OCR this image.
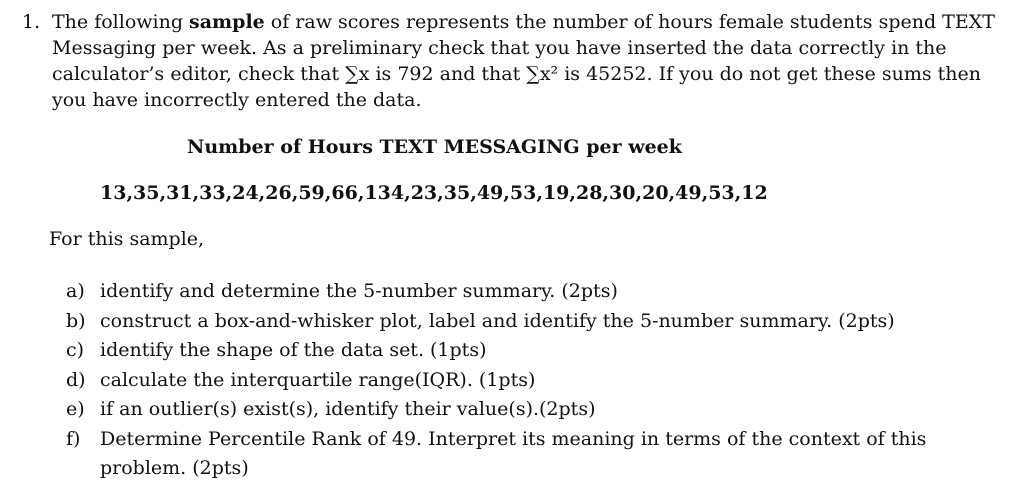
1. The following sample of raw scores represents the number of hours female students spend TEXT
Messaging per week. As a preliminary check that you have inserted the data correctly in the
calculator’s editor, check that ∑x is 792 and that ∑x² is 45252. If you do not get these sums then
you have incorrectly entered the data.
Number of Hours TEXT MESSAGING per week
13,35,31,33,24,26,59,66,134,23,35,49,53,19,28,30,20,49,53,12
For this sample,
a) identify and determine the 5-number summary. (2pts)
b) construct a box-and-whisker plot, label and identify the 5-number summary. (2pts)
c) identify the shape of the data set. (1pts)
d) calculate the interquartile range(IQR). (1pts)
e) if an outlier(s) exist(s), identify their value(s).(2pts)
f) Determine Percentile Rank of 49. Interpret its meaning in terms of the context of this
problem. (2pts)
